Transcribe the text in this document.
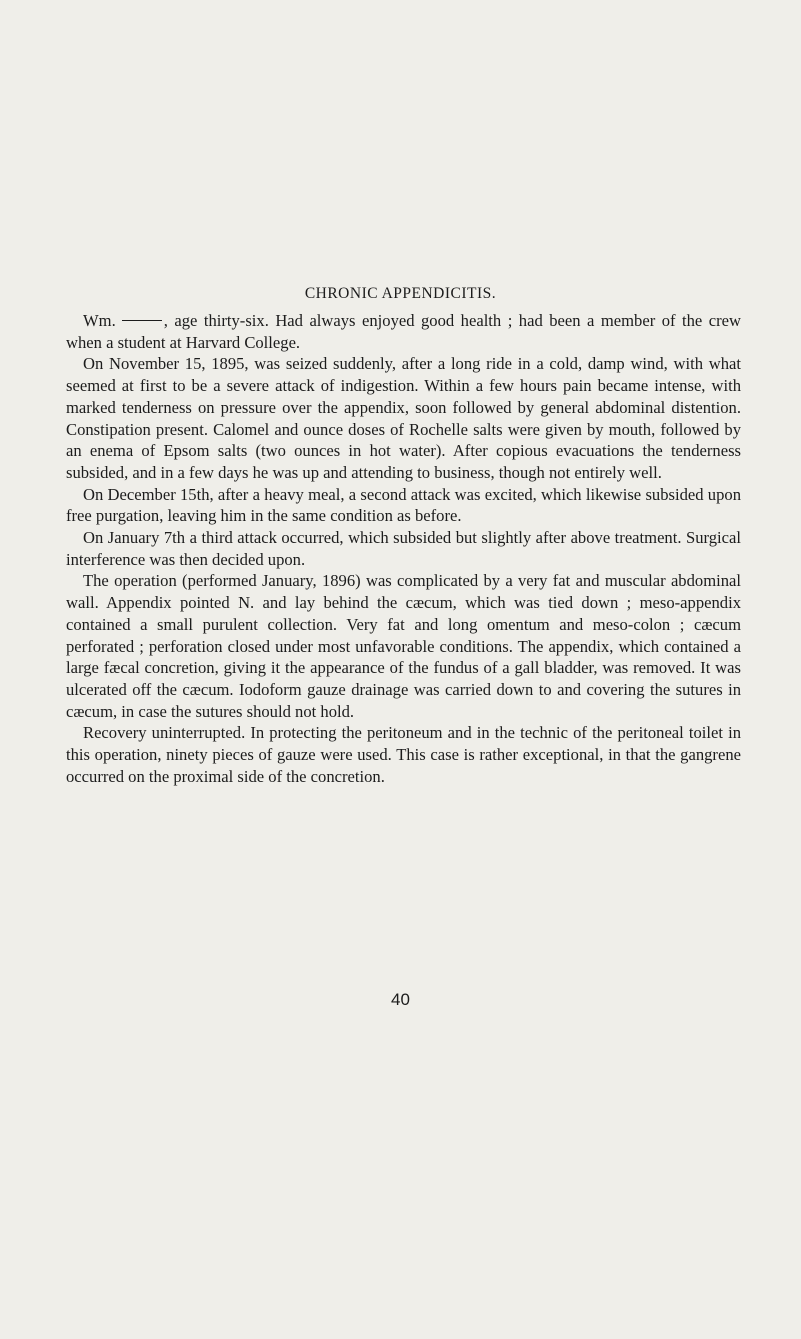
CHRONIC APPENDICITIS.

Wm.	, age thirty-six. Had always enjoyed good health ; had been a member of the crew when a student at Harvard College.

On November 15, 1895, was seized suddenly, after a long ride in a cold, damp wind, with what seemed at first to be a severe attack of indigestion. Within a few hours pain became intense, with marked tenderness on pressure over the appendix, soon followed by general abdominal distention. Constipation present. Calomel and ounce doses of Rochelle salts were given by mouth, followed by an enema of Epsom salts (two ounces in hot water). After copious evacuations the tenderness subsided, and in a few days he was up and attending to business, though not entirely well.

On December 15th, after a heavy meal, a second attack was excited, which likewise subsided upon free purgation, leaving him in the same condition as before.

On January 7th a third attack occurred, which subsided but slightly after above treatment. Surgical interference was then decided upon.

The operation (performed January, 1896) was complicated by a very fat and muscular abdominal wall. Appendix pointed N. and lay behind the cæcum, which was tied down ; meso-appendix contained a small purulent collection. Very fat and long omentum and meso-colon ; cæcum perforated ; perforation closed under most unfavorable conditions. The appendix, which contained a large fæcal concretion, giving it the appearance of the fundus of a gall bladder, was removed. It was ulcerated off the cæcum. Iodoform gauze drainage was carried down to and covering the sutures in cæcum, in case the sutures should not hold.

Recovery uninterrupted. In protecting the peritoneum and in the technic of the peritoneal toilet in this operation, ninety pieces of gauze were used. This case is rather exceptional, in that the gangrene occurred on the proximal side of the concretion.

40
